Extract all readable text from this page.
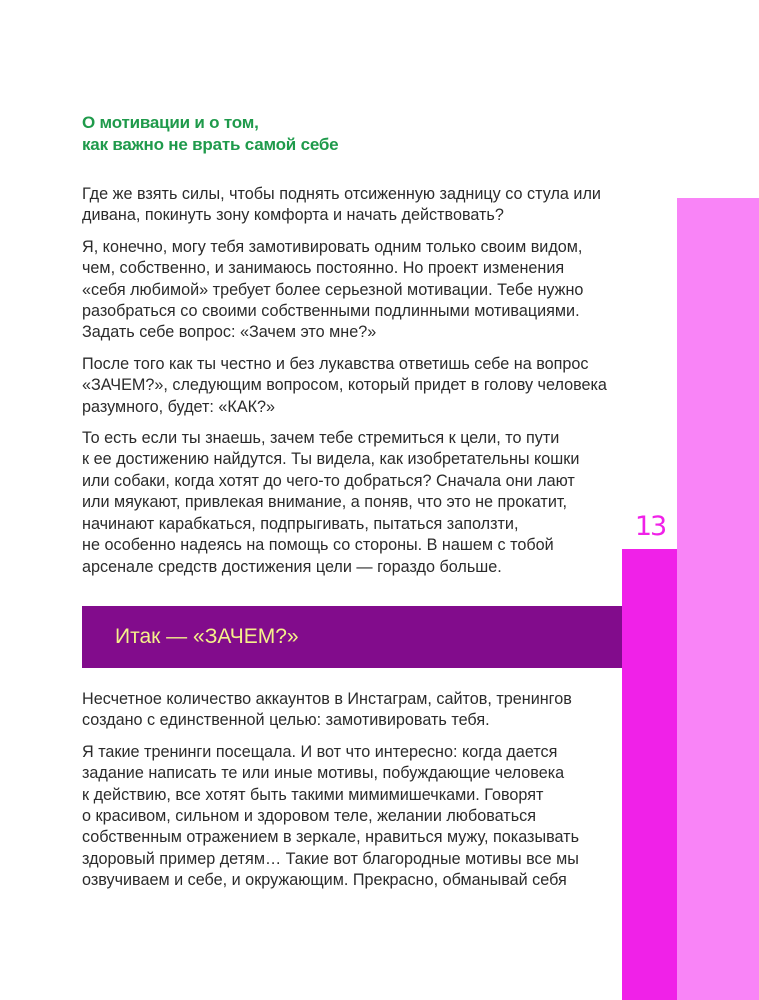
13
О мотивации и о том,
как важно не врать самой себе

Где же взять силы, чтобы поднять отсиженную задницу со стула или
дивана, покинуть зону комфорта и начать действовать?

Я, конечно, могу тебя замотивировать одним только своим видом,
чем, собственно, и занимаюсь постоянно. Но проект изменения
«себя любимой» требует более серьезной мотивации. Тебе нужно
разобраться со своими собственными подлинными мотивациями.
Задать себе вопрос: «Зачем это мне?»

После того как ты честно и без лукавства ответишь себе на вопрос
«ЗАЧЕМ?», следующим вопросом, который придет в голову человека
разумного, будет: «КАК?»

То есть если ты знаешь, зачем тебе стремиться к цели, то пути
к ее достижению найдутся. Ты видела, как изобретательны кошки
или собаки, когда хотят до чего-то добраться? Сначала они лают
или мяукают, привлекая внимание, а поняв, что это не прокатит,
начинают карабкаться, подпрыгивать, пытаться заползти,
не особенно надеясь на помощь со стороны. В нашем с тобой
арсенале средств достижения цели — гораздо больше.

Итак — «ЗАЧЕМ?»

Несчетное количество аккаунтов в Инстаграм, сайтов, тренингов
создано с единственной целью: замотивировать тебя.

Я такие тренинги посещала. И вот что интересно: когда дается
задание написать те или иные мотивы, побуждающие человека
к действию, все хотят быть такими мимимишечками. Говорят
о красивом, сильном и здоровом теле, желании любоваться
собственным отражением в зеркале, нравиться мужу, показывать
здоровый пример детям… Такие вот благородные мотивы все мы
озвучиваем и себе, и окружающим. Прекрасно, обманывай себя
